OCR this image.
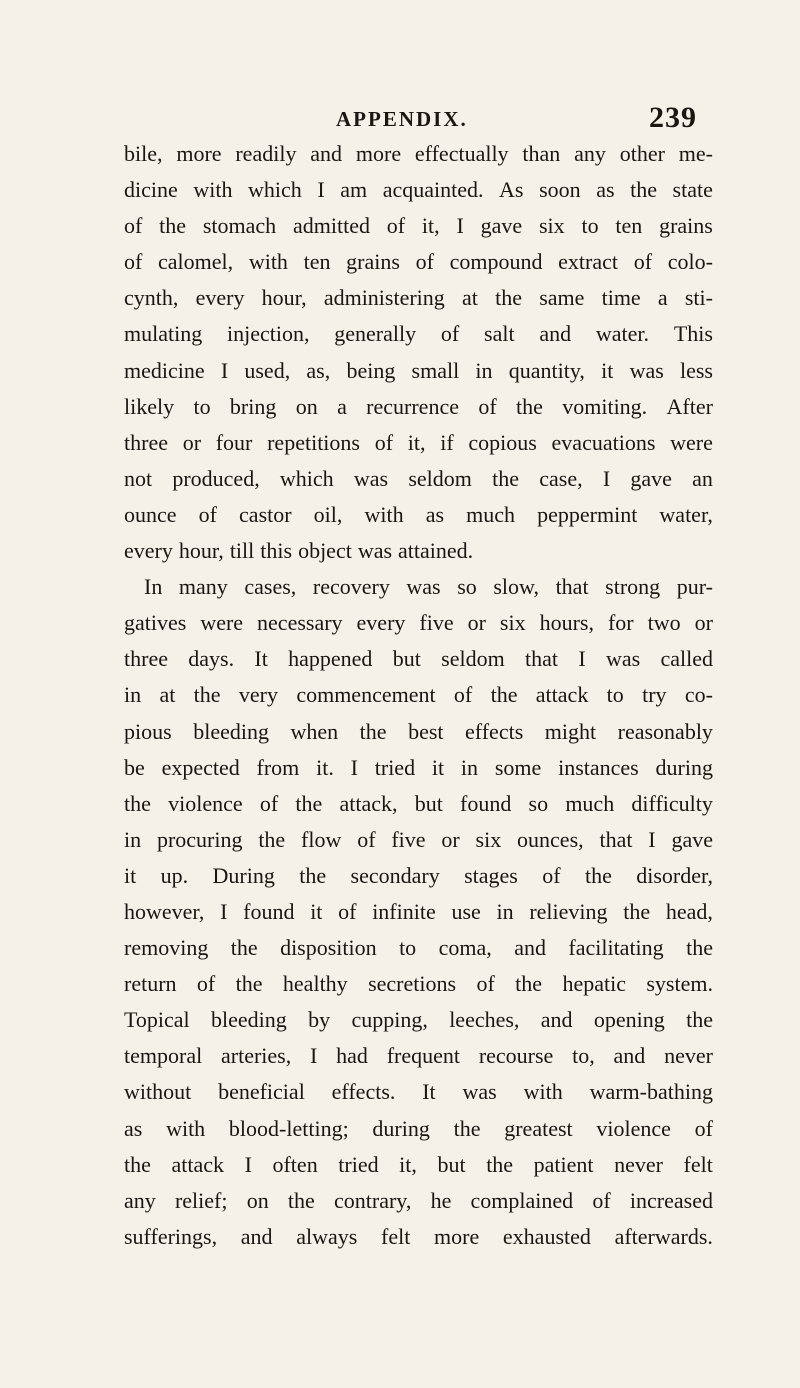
APPENDIX.	239
bile, more readily and more effectually than any other me-
dicine with which I am acquainted. As soon as the state
of the stomach admitted of it, I gave six to ten grains
of calomel, with ten grains of compound extract of colo-
cynth, every hour, administering at the same time a sti-
mulating injection, generally of salt and water. This
medicine I used, as, being small in quantity, it was less
likely to bring on a recurrence of the vomiting. After
three or four repetitions of it, if copious evacuations were
not produced, which was seldom the case, I gave an
ounce of castor oil, with as much peppermint water,
every hour, till this object was attained.
In many cases, recovery was so slow, that strong pur-
gatives were necessary every five or six hours, for two or
three days. It happened but seldom that I was called
in at the very commencement of the attack to try co-
pious bleeding when the best effects might reasonably
be expected from it. I tried it in some instances during
the violence of the attack, but found so much difficulty
in procuring the flow of five or six ounces, that I gave
it up. During the secondary stages of the disorder,
however, I found it of infinite use in relieving the head,
removing the disposition to coma, and facilitating the
return of the healthy secretions of the hepatic system.
Topical bleeding by cupping, leeches, and opening the
temporal arteries, I had frequent recourse to, and never
without beneficial effects. It was with warm-bathing
as with blood-letting; during the greatest violence of
the attack I often tried it, but the patient never felt
any relief; on the contrary, he complained of increased
sufferings, and always felt more exhausted afterwards.
